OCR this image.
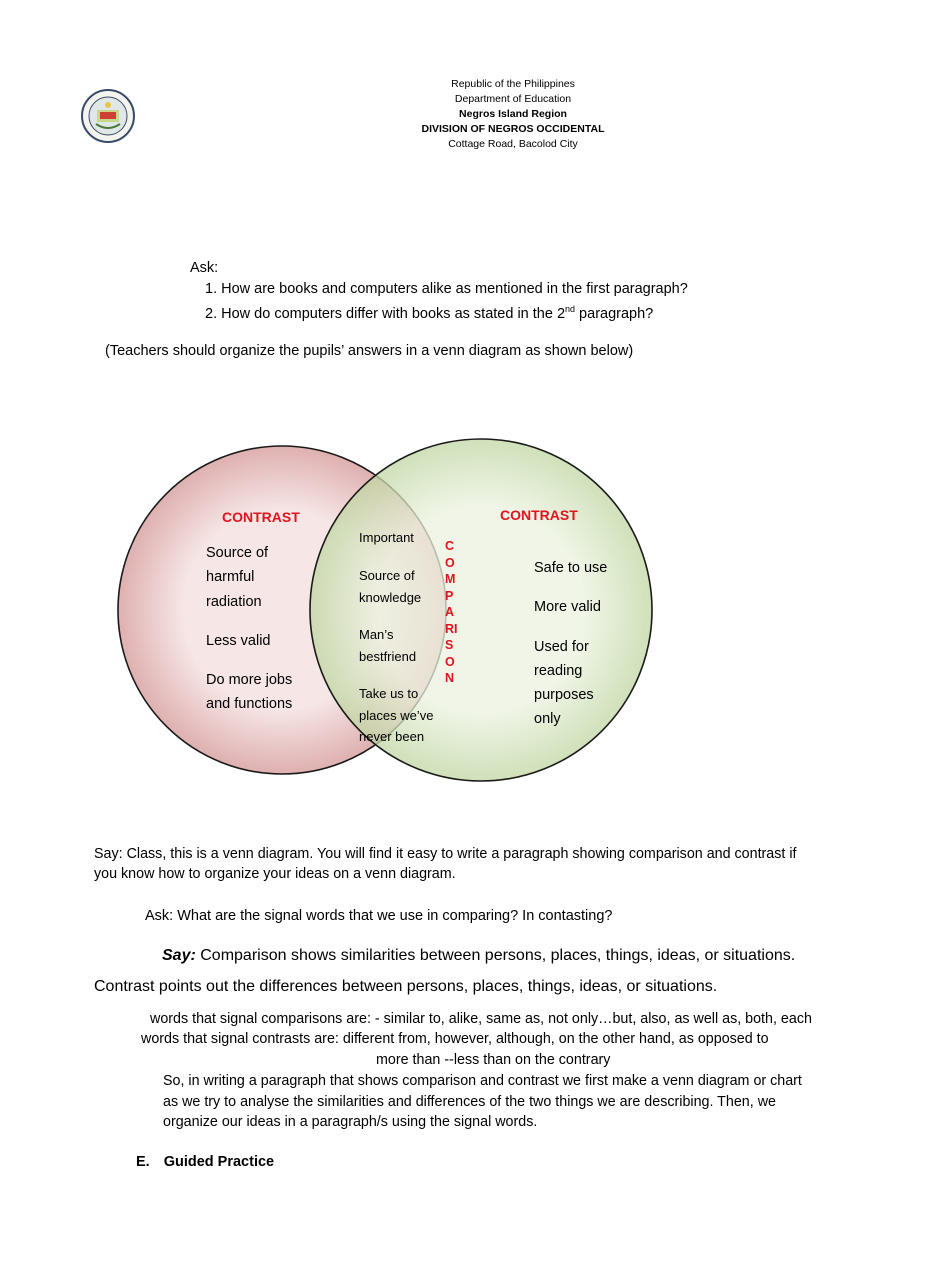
Republic of the Philippines
Department of Education
Negros Island Region
DIVISION OF NEGROS OCCIDENTAL
Cottage Road, Bacolod City
Ask:
1. How are books and computers alike as mentioned in the first paragraph?
2. How do computers differ with books as stated in the 2nd paragraph?
(Teachers should organize the pupils’ answers in a venn diagram as shown below)
CONTRAST
Source of
harmful
radiation
Less valid
Do more jobs
and functions
Important
Source of
knowledge
Man’s
bestfriend
Take us to
places we’ve
never been
COMPARISON
CONTRAST
Safe to use
More valid
Used for
reading
purposes
only
Say: Class, this is a venn diagram. You will find it easy to write a paragraph showing comparison and contrast if
you know how to organize your ideas on a venn diagram.
Ask: What are the signal words that we use in comparing? In contasting?
Say: Comparison shows similarities between persons, places, things, ideas, or situations.
Contrast points out the differences between persons, places, things, ideas, or situations.
words that signal comparisons are: - similar to, alike, same as, not only…but, also, as well as, both, each
words that signal contrasts are: different from, however, although, on the other hand, as opposed to
more than --less than on the contrary
So, in writing a paragraph that shows comparison and contrast we first make a venn diagram or chart
as we try to analyse the similarities and differences of the two things we are describing. Then, we
organize our ideas in a paragraph/s using the signal words.
E. Guided Practice
